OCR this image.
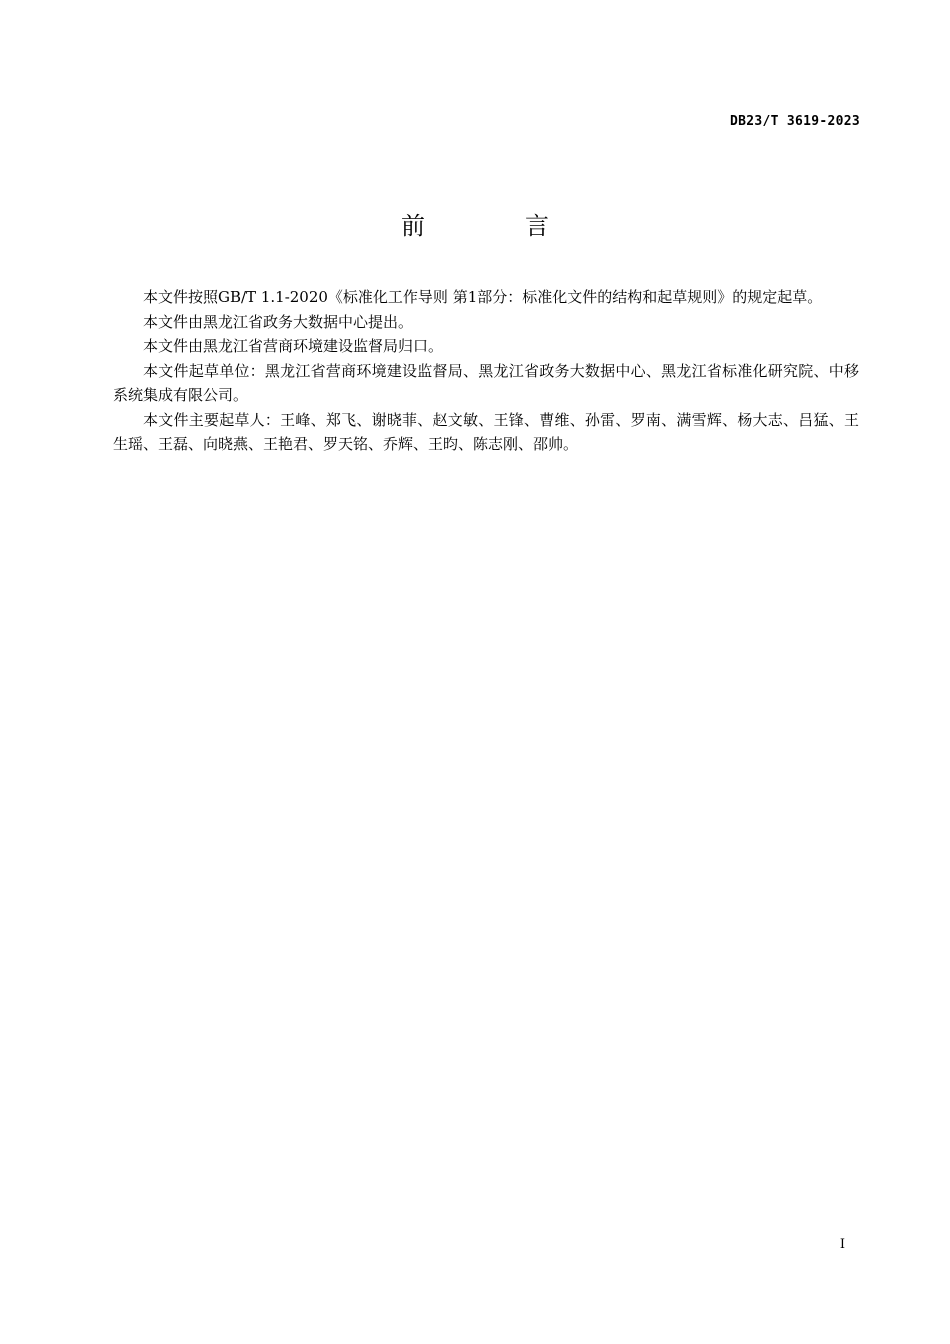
DB23/T 3619-2023
前　言

本文件按照GB/T 1.1-2020《标准化工作导则 第1部分：标准化文件的结构和起草规则》的规定起草。

本文件由黑龙江省政务大数据中心提出。

本文件由黑龙江省营商环境建设监督局归口。

本文件起草单位：黑龙江省营商环境建设监督局、黑龙江省政务大数据中心、黑龙江省标准化研究院、中移系统集成有限公司。

本文件主要起草人：王峰、郑飞、谢晓菲、赵文敏、王锋、曹维、孙雷、罗南、满雪辉、杨大志、吕猛、王生瑶、王磊、向晓燕、王艳君、罗天铭、乔辉、王昀、陈志刚、邵帅。

I
